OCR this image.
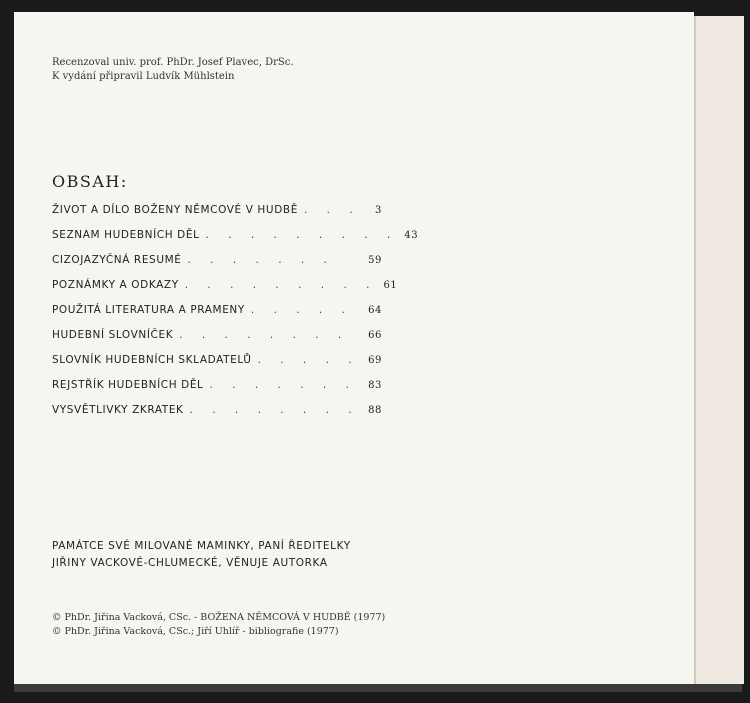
Recenzoval univ. prof. PhDr. Josef Plavec, DrSc.
K vydání připravil Ludvík Mühlstein
OBSAH:
ŽIVOT A DÍLO BOŽENY NĚMCOVÉ V HUDBĚ . . .	3
SEZNAM HUDEBNÍCH DĚL . . . . . . . . . 43
CIZOJAZYČNÁ RESUMÉ . . . . . . .	59
POZNÁMKY A ODKAZY . . . . . . . . . 61
POUŽITÁ LITERATURA A PRAMENY . . . . .	64
HUDEBNÍ SLOVNÍČEK . . . . . . . .	66
SLOVNÍK HUDEBNÍCH SKLADATELŮ . . . . . 69
REJSTŘÍK HUDEBNÍCH DĚL . . . . . . .	83
VYSVĚTLIVKY ZKRATEK . . . . . . . . 88
PAMÁTCE SVÉ MILOVANÉ MAMINKY, PANÍ ŘEDITELKY
JIŘINY VACKOVÉ-CHLUMECKÉ, VĚNUJE AUTORKA
© PhDr. Jiřina Vacková, CSc. - BOŽENA NĚMCOVÁ V HUDBĚ (1977)
© PhDr. Jiřina Vacková, CSc.; Jiří Uhlíř - bibliografie (1977)
